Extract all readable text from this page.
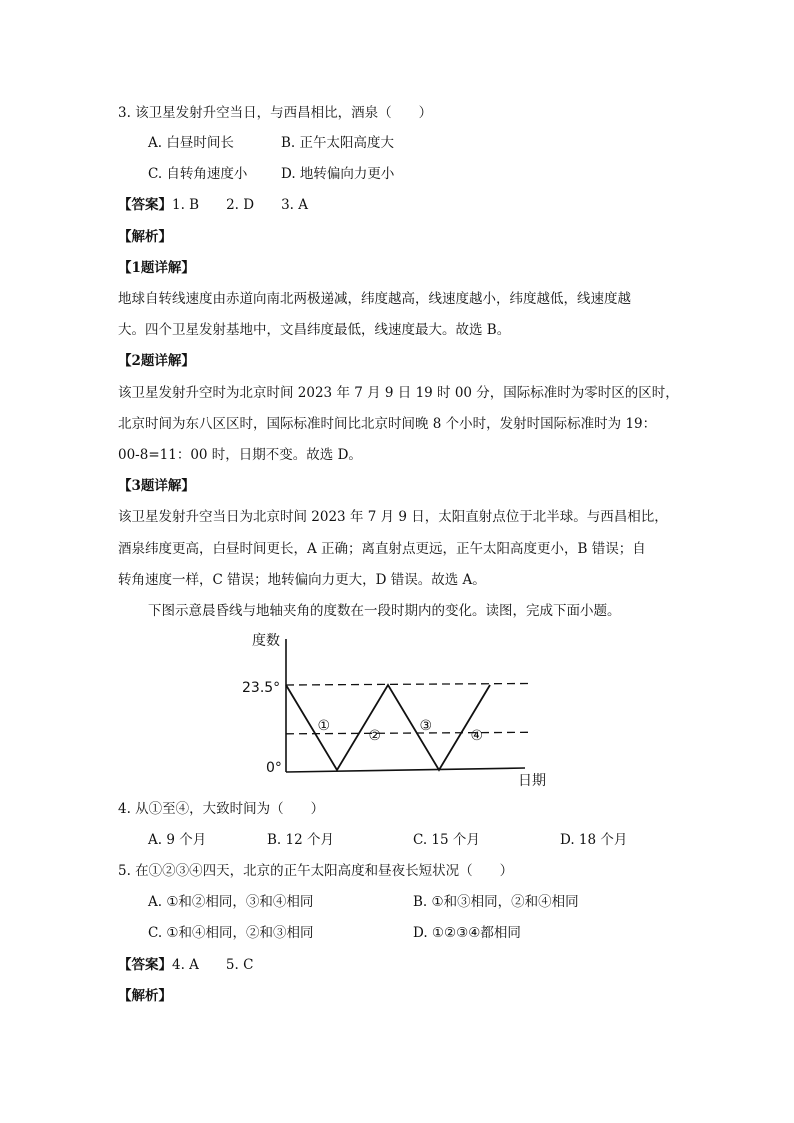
3. 该卫星发射升空当日，与西昌相比，酒泉（　　）
A. 白昼时间长	B. 正午太阳高度大
C. 自转角速度小 D. 地转偏向力更小
【答案】1. B　　2. D　　3. A
【解析】
【1题详解】
地球自转线速度由赤道向南北两极递减，纬度越高，线速度越小，纬度越低，线速度越
大。四个卫星发射基地中，文昌纬度最低，线速度最大。故选 B。
【2题详解】
该卫星发射升空时为北京时间 2023 年 7 月 9 日 19 时 00 分，国际标准时为零时区的区时，
北京时间为东八区区时，国际标准时间比北京时间晚 8 个小时，发射时国际标准时为 19：
00-8=11：00 时，日期不变。故选 D。
【3题详解】
该卫星发射升空当日为北京时间 2023 年 7 月 9 日，太阳直射点位于北半球。与西昌相比，
酒泉纬度更高，白昼时间更长，A 正确；离直射点更远，正午太阳高度更小，B 错误；自
转角速度一样，C 错误；地转偏向力更大，D 错误。故选 A。
下图示意晨昏线与地轴夹角的度数在一段时期内的变化。读图，完成下面小题。
度数
日期
23.5°
0°
①
②
③
④
4. 从①至④，大致时间为（　　）
A. 9 个月	B. 12 个月	C. 15 个月	D. 18 个月
5. 在①②③④四天，北京的正午太阳高度和昼夜长短状况（　　）
A. ①和②相同，③和④相同	B. ①和③相同，②和④相同
C. ①和④相同，②和③相同	D. ①②③④都相同
【答案】4. A　　5. C
【解析】
